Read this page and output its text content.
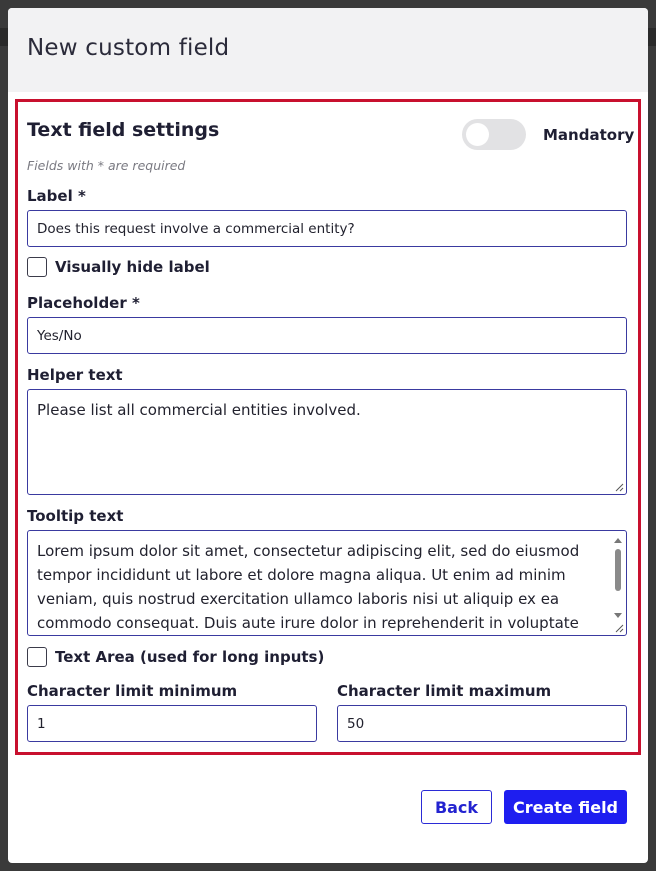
New custom field
Text field settings	Mandatory
Fields with * are required
Label *
Does this request involve a commercial entity?
Visually hide label
Placeholder *
Yes/No
Helper text
Please list all commercial entities involved.
Tooltip text
Lorem ipsum dolor sit amet, consectetur adipiscing elit, sed do eiusmod tempor incididunt ut labore et dolore magna aliqua. Ut enim ad minim veniam, quis nostrud exercitation ullamco laboris nisi ut aliquip ex ea commodo consequat. Duis aute irure dolor in reprehenderit in voluptate
Text Area (used for long inputs)
Character limit minimum
1
Character limit maximum
50
Back	Create field
